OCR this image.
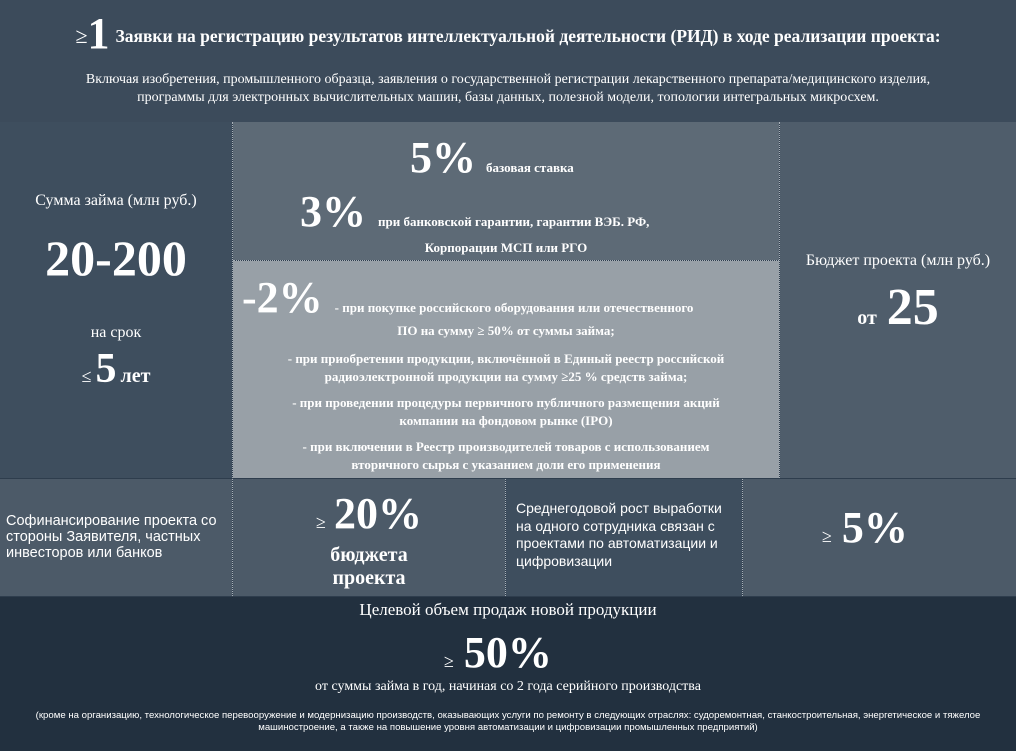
≥1 Заявки на регистрацию результатов интеллектуальной деятельности (РИД) в ходе реализации проекта:
Включая изобретения, промышленного образца, заявления о государственной регистрации лекарственного препарата/медицинского изделия,
программы для электронных вычислительных машин, базы данных, полезной модели, топологии интегральных микросхем.
Сумма займа (млн руб.)
20-200
на срок
≤ 5 лет
5% базовая ставка
3% при банковской гарантии, гарантии ВЭБ. РФ,
Корпорации МСП или РГО
-2% - при покупке российского оборудования или отечественного
ПО на сумму ≥ 50% от суммы займа;
- при приобретении продукции, включённой в Единый реестр российской
радиоэлектронной продукции на сумму ≥25 % средств займа;
- при проведении процедуры первичного публичного размещения акций
компании на фондовом рынке (IPO)
- при включении в Реестр производителей товаров с использованием
вторичного сырья с указанием доли его применения
Бюджет проекта (млн руб.)
от 25
Софинансирование проекта со
стороны Заявителя, частных
инвесторов или банков
≥ 20%
бюджета
проекта
Среднегодовой рост выработки
на одного сотрудника связан с
проектами по автоматизации и
цифровизации
≥ 5%
Целевой объем продаж новой продукции
≥ 50%
от суммы займа в год, начиная со 2 года серийного производства
(кроме на организацию, технологическое перевооружение и модернизацию производств, оказывающих услуги по ремонту в следующих отраслях: судоремонтная, станкостроительная, энергетическое и тяжелое
машиностроение, а также на повышение уровня автоматизации и цифровизации промышленных предприятий)
